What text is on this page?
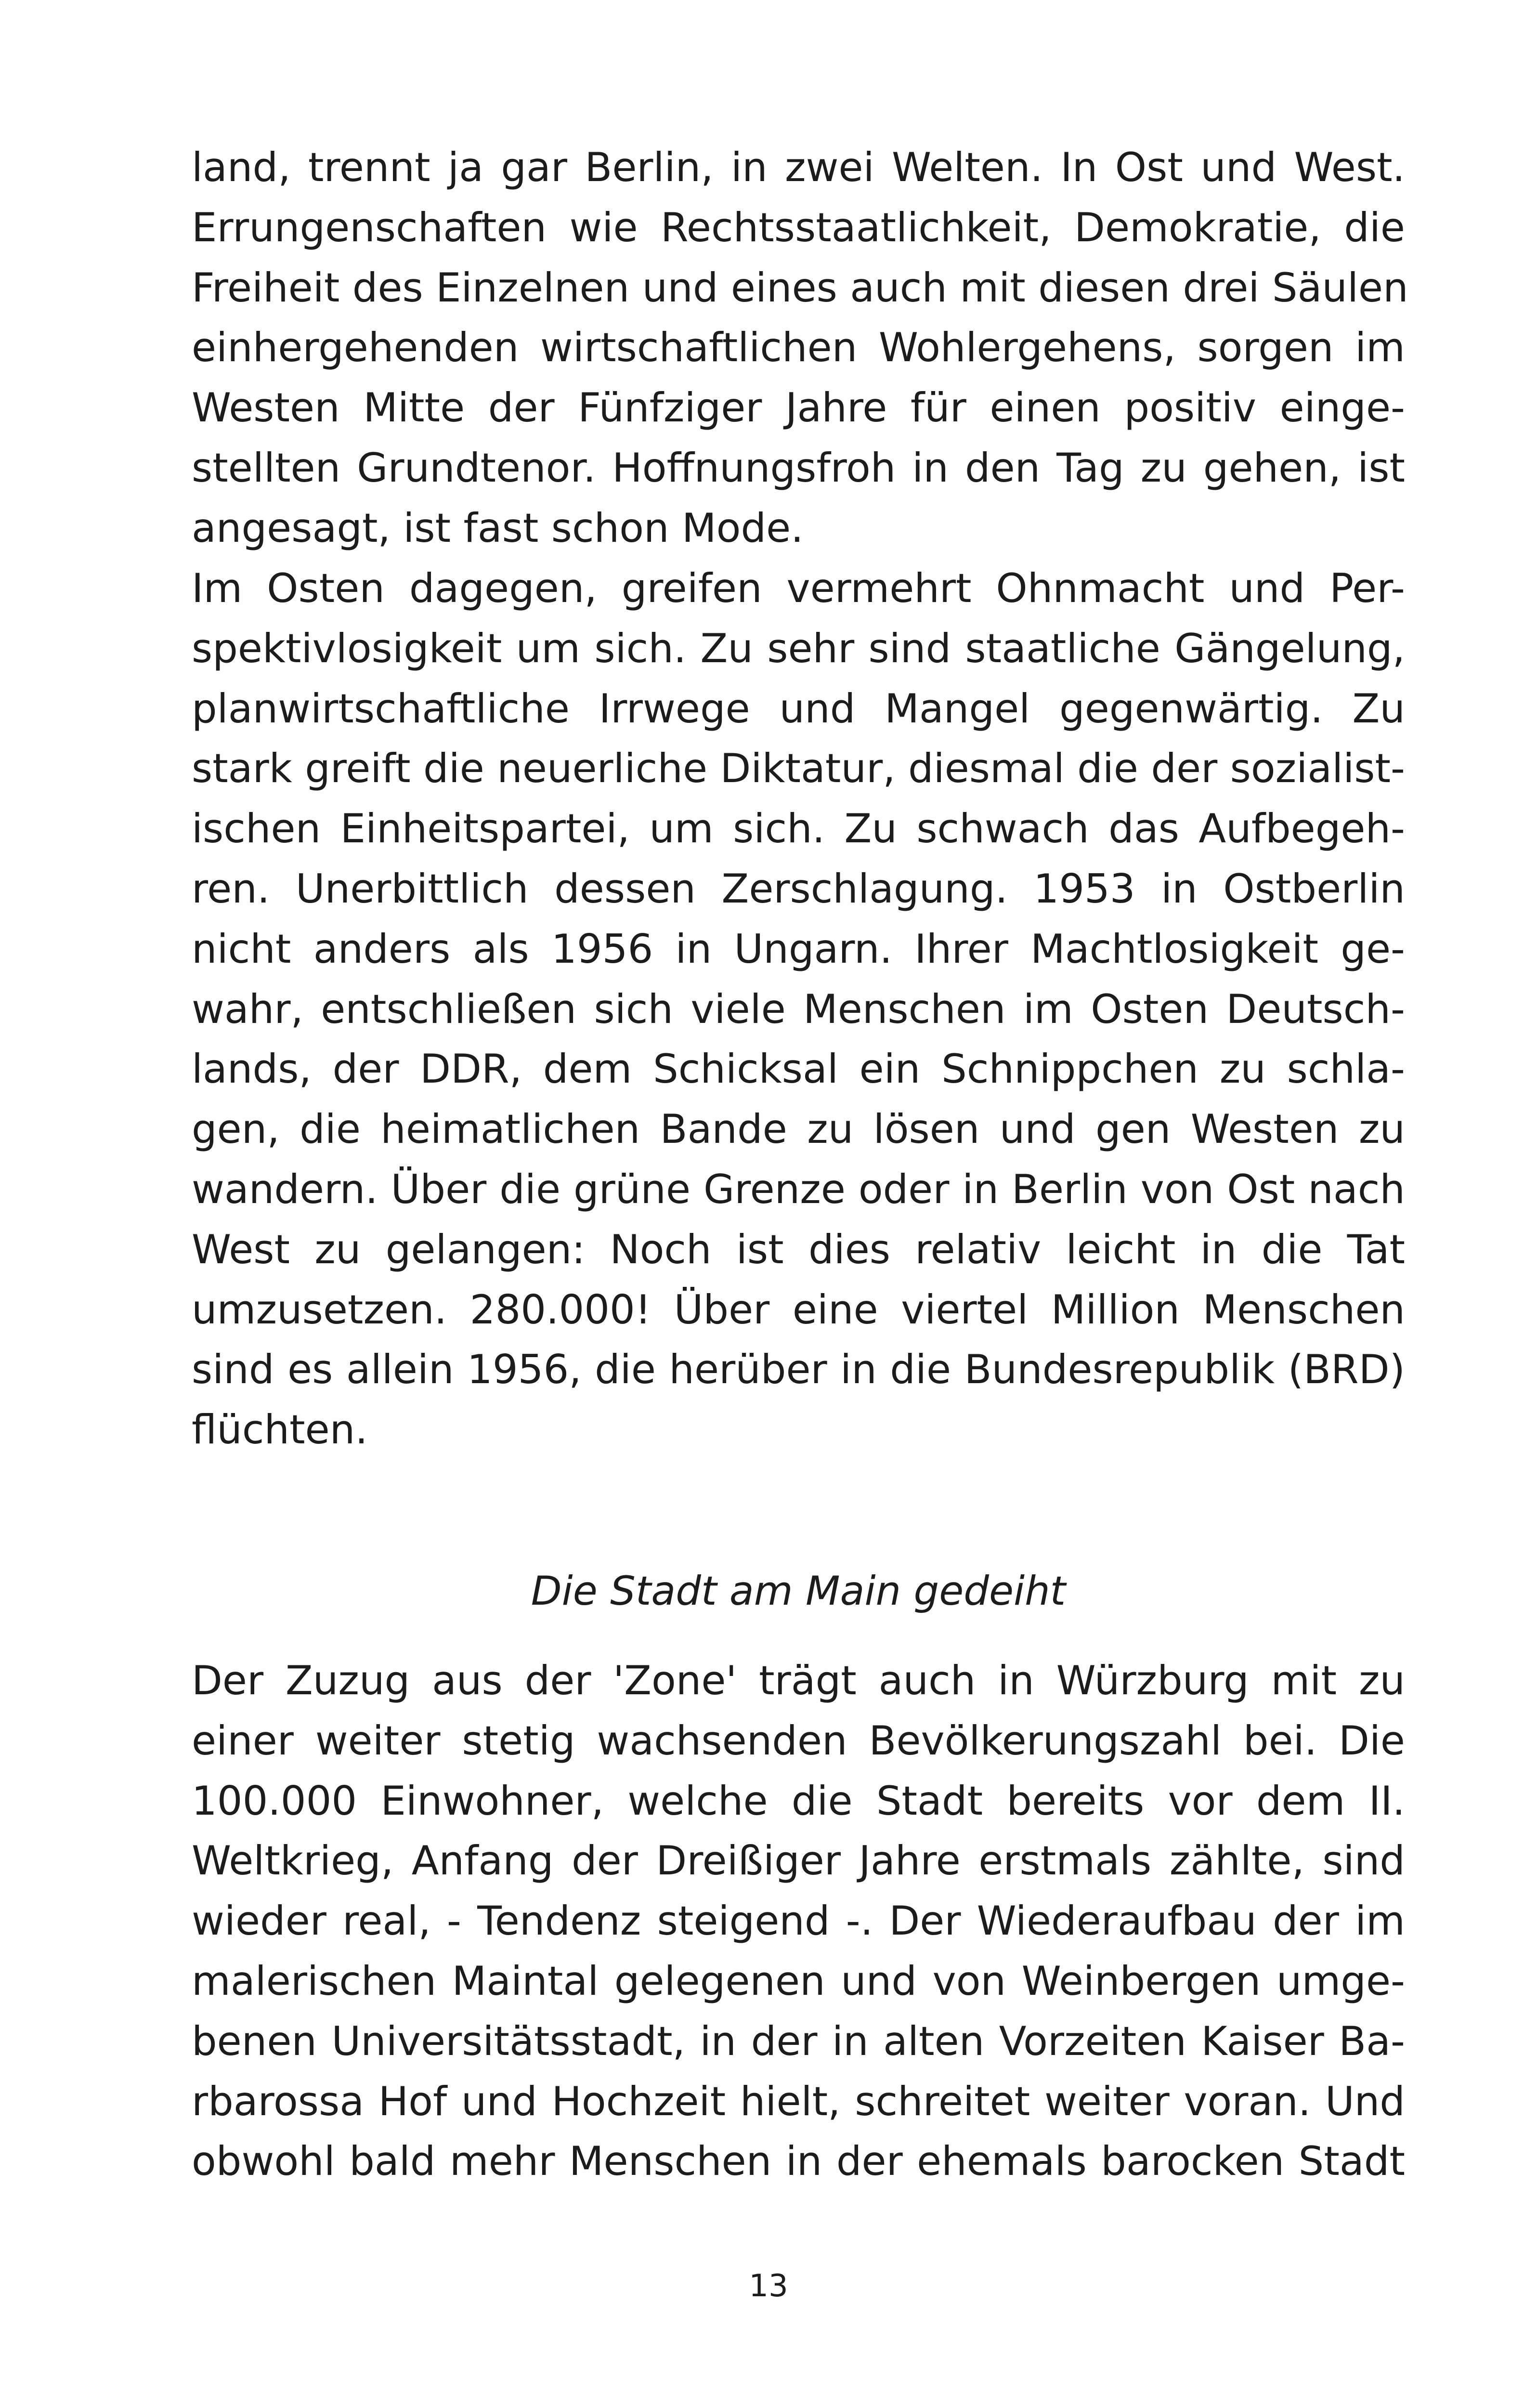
land, trennt ja gar Berlin, in zwei Welten. In Ost und West.
Errungenschaften wie Rechtsstaatlichkeit, Demokratie, die
Freiheit des Einzelnen und eines auch mit diesen drei Säulen
einhergehenden wirtschaftlichen Wohlergehens, sorgen im
Westen Mitte der Fünfziger Jahre für einen positiv einge-
stellten Grundtenor. Hoffnungsfroh in den Tag zu gehen, ist
angesagt, ist fast schon Mode.
Im Osten dagegen, greifen vermehrt Ohnmacht und Per-
spektivlosigkeit um sich. Zu sehr sind staatliche Gängelung,
planwirtschaftliche Irrwege und Mangel gegenwärtig. Zu
stark greift die neuerliche Diktatur, diesmal die der sozialist-
ischen Einheitspartei, um sich. Zu schwach das Aufbegeh-
ren. Unerbittlich dessen Zerschlagung. 1953 in Ostberlin
nicht anders als 1956 in Ungarn. Ihrer Machtlosigkeit ge-
wahr, entschließen sich viele Menschen im Osten Deutsch-
lands, der DDR, dem Schicksal ein Schnippchen zu schla-
gen, die heimatlichen Bande zu lösen und gen Westen zu
wandern. Über die grüne Grenze oder in Berlin von Ost nach
West zu gelangen: Noch ist dies relativ leicht in die Tat
umzusetzen. 280.000! Über eine viertel Million Menschen
sind es allein 1956, die herüber in die Bundesrepublik (BRD)
flüchten.
Die Stadt am Main gedeiht
Der Zuzug aus der 'Zone' trägt auch in Würzburg mit zu
einer weiter stetig wachsenden Bevölkerungszahl bei. Die
100.000 Einwohner, welche die Stadt bereits vor dem II.
Weltkrieg, Anfang der Dreißiger Jahre erstmals zählte, sind
wieder real, - Tendenz steigend -. Der Wiederaufbau der im
malerischen Maintal gelegenen und von Weinbergen umge-
benen Universitätsstadt, in der in alten Vorzeiten Kaiser Ba-
rbarossa Hof und Hochzeit hielt, schreitet weiter voran. Und
obwohl bald mehr Menschen in der ehemals barocken Stadt
13
